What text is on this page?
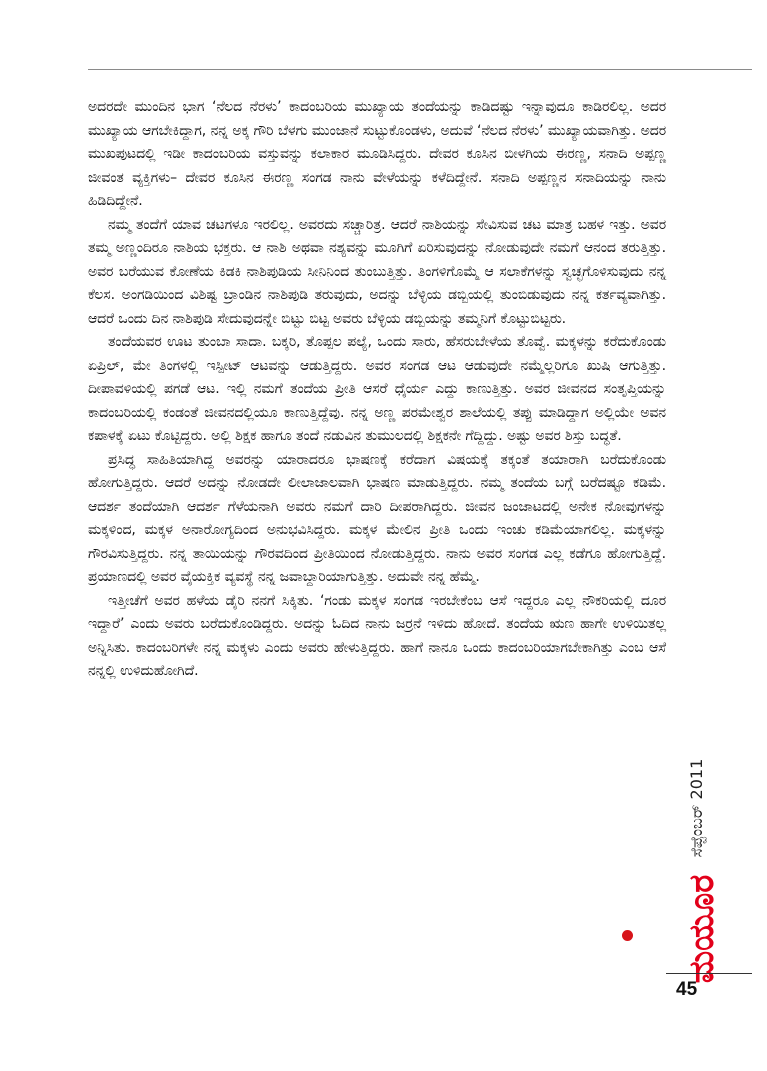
ಅದರದೇ ಮುಂದಿನ ಭಾಗ ‘ನೆಲದ ನೆರಳು’ ಕಾದಂಬರಿಯ ಮುಖ್ಯಾಯ ತಂದೆಯನ್ನು ಕಾಡಿದಷ್ಟು ಇನ್ನಾವುದೂ ಕಾಡಿರಲಿಲ್ಲ. ಅದರ ಮುಖ್ಯಾಯ ಆಗಬೇಕಿದ್ದಾಗ, ನನ್ನ ಅಕ್ಕ ಗೌರಿ ಬೆಳಗು ಮುಂಜಾನೆ ಸುಟ್ಟುಕೊಂಡಳು, ಅದುವೆ ‘ನೆಲದ ನೆರಳು’ ಮುಖ್ಯಾಯವಾಗಿತ್ತು. ಅದರ ಮುಖಪುಟದಲ್ಲಿ ಇಡೀ ಕಾದಂಬರಿಯ ವಸ್ತುವನ್ನು ಕಲಾಕಾರ ಮೂಡಿಸಿದ್ದರು. ದೇವರ ಕೂಸಿನ ಬೀಳಗಿಯ ಈರಣ್ಣ, ಸನಾದಿ ಅಪ್ಪಣ್ಣ ಜೀವಂತ ವ್ಯಕ್ತಿಗಳು– ದೇವರ ಕೂಸಿನ ಈರಣ್ಣ ಸಂಗಡ ನಾನು ವೇಳೆಯನ್ನು ಕಳೆದಿದ್ದೇನೆ. ಸನಾದಿ ಅಪ್ಪಣ್ಣನ ಸನಾದಿಯನ್ನು ನಾನು ಹಿಡಿದಿದ್ದೇನೆ.

ನಮ್ಮ ತಂದೆಗೆ ಯಾವ ಚಟಗಳೂ ಇರಲಿಲ್ಲ. ಅವರದು ಸಚ್ಚಾರಿತ್ರ. ಆದರೆ ನಾಶಿಯನ್ನು ಸೇವಿಸುವ ಚಟ ಮಾತ್ರ ಬಹಳ ಇತ್ತು. ಅವರ ತಮ್ಮ ಅಣ್ಣಂದಿರೂ ನಾಶಿಯ ಭಕ್ತರು. ಆ ನಾಶಿ ಅಥವಾ ನಶ್ಯವನ್ನು ಮೂಗಿಗೆ ಏರಿಸುವುದನ್ನು ನೋಡುವುದೇ ನಮಗೆ ಆನಂದ ತರುತ್ತಿತ್ತು. ಅವರ ಬರೆಯುವ ಕೋಣೆಯ ಕಿಡಕಿ ನಾಶಿಪುಡಿಯ ಸೀನಿನಿಂದ ತುಂಬುತ್ತಿತ್ತು. ತಿಂಗಳಿಗೊಮ್ಮೆ ಆ ಸಲಾಕೆಗಳನ್ನು ಸ್ವಚ್ಛಗೊಳಿಸುವುದು ನನ್ನ ಕೆಲಸ. ಅಂಗಡಿಯಿಂದ ವಿಶಿಷ್ಟ ಬ್ರಾಂಡಿನ ನಾಶಿಪುಡಿ ತರುವುದು, ಅದನ್ನು ಬೆಳ್ಳಿಯ ಡಬ್ಬಿಯಲ್ಲಿ ತುಂಬಿಡುವುದು ನನ್ನ ಕರ್ತವ್ಯವಾಗಿತ್ತು. ಆದರೆ ಒಂದು ದಿನ ನಾಶಿಪುಡಿ ಸೇದುವುದನ್ನೇ ಬಿಟ್ಟು ಬಿಟ್ಟ ಅವರು ಬೆಳ್ಳಿಯ ಡಬ್ಬಿಯನ್ನು ತಮ್ಮನಿಗೆ ಕೊಟ್ಟುಬಿಟ್ಟರು.

ತಂದೆಯವರ ಊಟ ತುಂಬಾ ಸಾದಾ. ಬಕ್ಕರಿ, ತೊಪ್ಪಲ ಪಲ್ಯೆ, ಒಂದು ಸಾರು, ಹೆಸರುಬೇಳೆಯ ತೊವ್ವೆ. ಮಕ್ಕಳನ್ನು ಕರೆದುಕೊಂಡು ಏಪ್ರಿಲ್, ಮೇ ತಿಂಗಳಲ್ಲಿ ಇಸ್ಪೀಟ್ ಆಟವನ್ನು ಆಡುತ್ತಿದ್ದರು. ಅವರ ಸಂಗಡ ಆಟ ಆಡುವುದೇ ನಮ್ಮೆಲ್ಲರಿಗೂ ಖುಷಿ ಆಗುತ್ತಿತ್ತು. ದೀಪಾವಳಿಯಲ್ಲಿ ಪಗಡೆ ಆಟ. ಇಲ್ಲಿ ನಮಗೆ ತಂದೆಯ ಪ್ರೀತಿ ಆಸರೆ ಧೈರ್ಯ ಎದ್ದು ಕಾಣುತ್ತಿತ್ತು. ಅವರ ಜೀವನದ ಸಂತೃಪ್ತಿಯನ್ನು ಕಾದಂಬರಿಯಲ್ಲಿ ಕಂಡಂತೆ ಜೀವನದಲ್ಲಿಯೂ ಕಾಣುತ್ತಿದ್ದೆವು. ನನ್ನ ಅಣ್ಣ ಪರಮೇಶ್ವರ ಶಾಲೆಯಲ್ಲಿ ತಪ್ಪು ಮಾಡಿದ್ದಾಗ ಅಲ್ಲಿಯೇ ಅವನ ಕಪಾಳಕ್ಕೆ ಏಟು ಕೊಟ್ಟಿದ್ದರು. ಅಲ್ಲಿ ಶಿಕ್ಷಕ ಹಾಗೂ ತಂದೆ ನಡುವಿನ ತುಮುಲದಲ್ಲಿ ಶಿಕ್ಷಕನೇ ಗೆದ್ದಿದ್ದು. ಅಷ್ಟು ಅವರ ಶಿಸ್ತು ಬದ್ಧತೆ.

ಪ್ರಸಿದ್ಧ ಸಾಹಿತಿಯಾಗಿದ್ದ ಅವರನ್ನು ಯಾರಾದರೂ ಭಾಷಣಕ್ಕೆ ಕರೆದಾಗ ವಿಷಯಕ್ಕೆ ತಕ್ಕಂತೆ ತಯಾರಾಗಿ ಬರೆದುಕೊಂಡು ಹೋಗುತ್ತಿದ್ದರು. ಆದರೆ ಅದನ್ನು ನೋಡದೇ ಲೀಲಾಜಾಲವಾಗಿ ಭಾಷಣ ಮಾಡುತ್ತಿದ್ದರು. ನಮ್ಮ ತಂದೆಯ ಬಗ್ಗೆ ಬರೆದಷ್ಟೂ ಕಡಿಮೆ. ಆದರ್ಶ ತಂದೆಯಾಗಿ ಆದರ್ಶ ಗೆಳೆಯನಾಗಿ ಅವರು ನಮಗೆ ದಾರಿ ದೀಪರಾಗಿದ್ದರು. ಜೀವನ ಜಂಜಾಟದಲ್ಲಿ ಅನೇಕ ನೋವುಗಳನ್ನು ಮಕ್ಕಳಿಂದ, ಮಕ್ಕಳ ಅನಾರೋಗ್ಯದಿಂದ ಅನುಭವಿಸಿದ್ದರು. ಮಕ್ಕಳ ಮೇಲಿನ ಪ್ರೀತಿ ಒಂದು ಇಂಚು ಕಡಿಮೆಯಾಗಲಿಲ್ಲ. ಮಕ್ಕಳನ್ನು ಗೌರವಿಸುತ್ತಿದ್ದರು. ನನ್ನ ತಾಯಿಯನ್ನು ಗೌರವದಿಂದ ಪ್ರೀತಿಯಿಂದ ನೋಡುತ್ತಿದ್ದರು. ನಾನು ಅವರ ಸಂಗಡ ಎಲ್ಲ ಕಡೆಗೂ ಹೋಗುತ್ತಿದ್ದೆ. ಪ್ರಯಾಣದಲ್ಲಿ ಅವರ ವೈಯಕ್ತಿಕ ವ್ಯವಸ್ಥೆ ನನ್ನ ಜವಾಬ್ದಾರಿಯಾಗುತ್ತಿತ್ತು. ಅದುವೇ ನನ್ನ ಹೆಮ್ಮೆ.

ಇತ್ತೀಚೆಗೆ ಅವರ ಹಳೆಯ ಡೈರಿ ನನಗೆ ಸಿಕ್ಕಿತು. ‘ಗಂಡು ಮಕ್ಕಳ ಸಂಗಡ ಇರಬೇಕೆಂಬ ಆಸೆ ಇದ್ದರೂ ಎಲ್ಲ ನೌಕರಿಯಲ್ಲಿ ದೂರ ಇದ್ದಾರೆ’ ಎಂದು ಅವರು ಬರೆದುಕೊಂಡಿದ್ದರು. ಅದನ್ನು ಓದಿದ ನಾನು ಜರ್ರನೆ ಇಳಿದು ಹೋದೆ. ತಂದೆಯ ಋಣ ಹಾಗೇ ಉಳಿಯಿತಲ್ಲ ಅನ್ನಿಸಿತು. ಕಾದಂಬರಿಗಳೇ ನನ್ನ ಮಕ್ಕಳು ಎಂದು ಅವರು ಹೇಳುತ್ತಿದ್ದರು. ಹಾಗೆ ನಾನೂ ಒಂದು ಕಾದಂಬರಿಯಾಗಬೇಕಾಗಿತ್ತು ಎಂಬ ಆಸೆ ನನ್ನಲ್ಲಿ ಉಳಿದುಹೋಗಿದೆ.

ಸೆಪ್ಟೆಂಬರ್ 2011
ಮಯೂರ
45
